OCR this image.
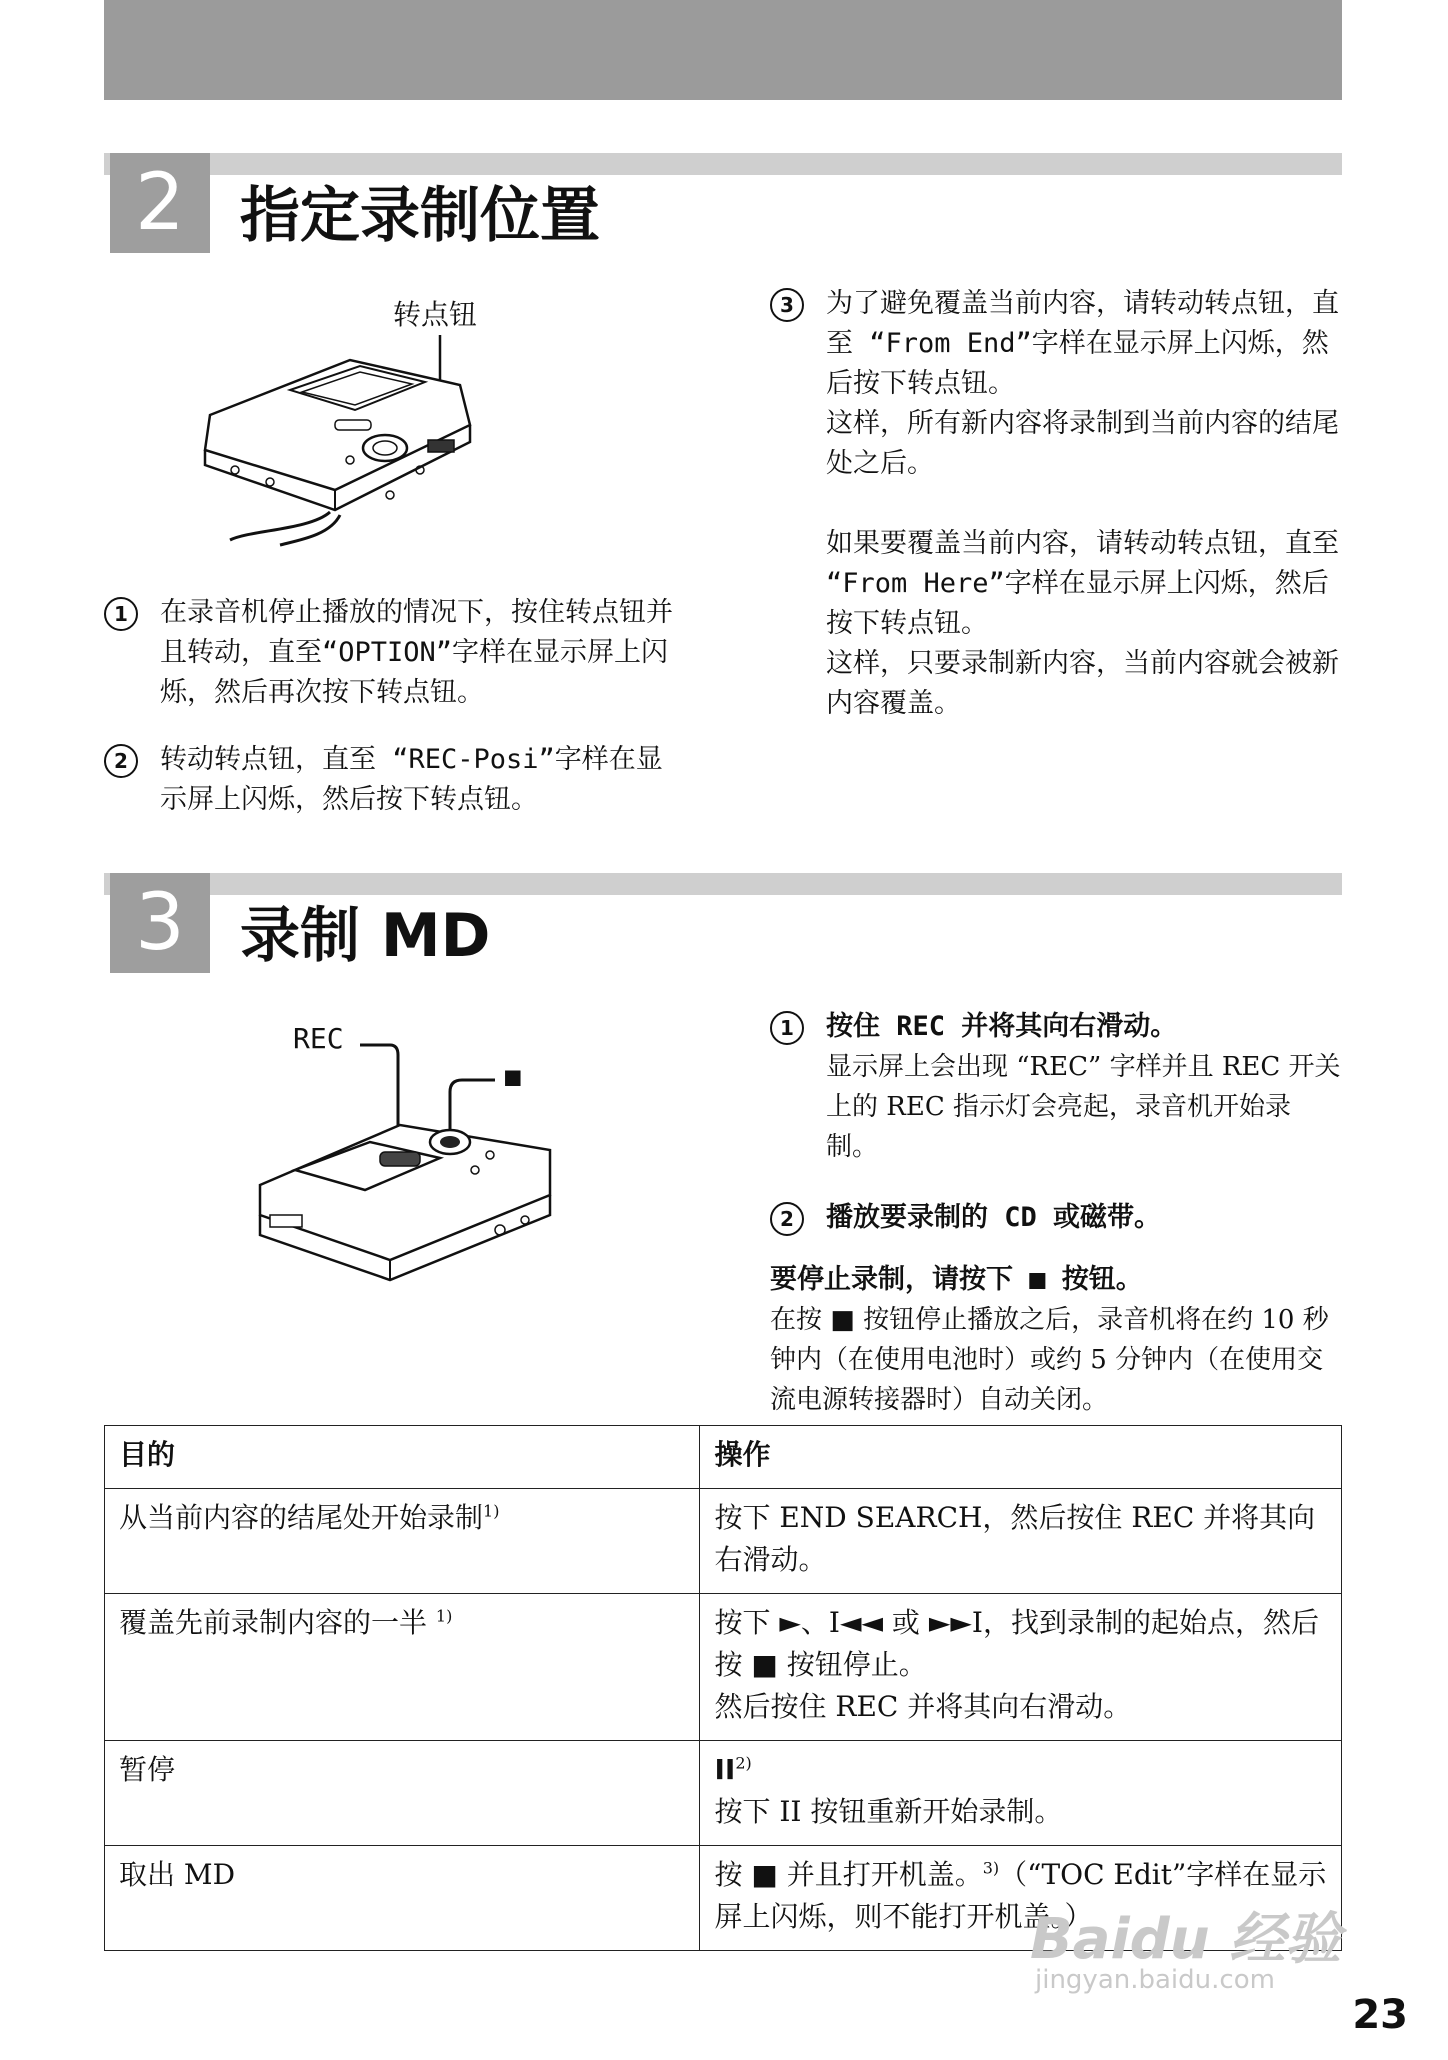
2 指定录制位置
转点钮
1	在录音机停止播放的情况下，按住转点钮并且转动，直至“OPTION”字样在显示屏上闪烁，然后再次按下转点钮。
2	转动转点钮，直至 “REC-Posi”字样在显示屏上闪烁，然后按下转点钮。
3	为了避免覆盖当前内容，请转动转点钮，直至 “From End”字样在显示屏上闪烁，然后按下转点钮。

这样，所有新内容将录制到当前内容的结尾处之后。

如果要覆盖当前内容，请转动转点钮，直至 “From Here”字样在显示屏上闪烁，然后按下转点钮。

这样，只要录制新内容，当前内容就会被新内容覆盖。

3 录制 MD
REC
■
1	按住 REC 并将其向右滑动。

显示屏上会出现 “REC” 字样并且 REC 开关上的 REC 指示灯会亮起，录音机开始录制。

2	播放要录制的 CD 或磁带。

要停止录制，请按下 ■ 按钮。

在按 ■ 按钮停止播放之后，录音机将在约 10 秒钟内（在使用电池时）或约 5 分钟内（在使用交流电源转接器时）自动关闭。

目的	操作
从当前内容的结尾处开始录制$^{1)}$	按下 END SEARCH，然后按住 REC 并将其向右滑动。
覆盖先前录制内容的一半 $^{1)}$	按下 ►、I◄◄ 或 ►►I，找到录制的起始点，然后按 ■ 按钮停止。
然后按住 REC 并将其向右滑动。

暂停	II$^{2)}$
按下 II 按钮重新开始录制。

取出 MD	按 ■ 并且打开机盖。$^{3)}$（“TOC Edit”字样在显示屏上闪烁，则不能打开机盖。）
Baidu 经验
jingyan.baidu.com
23
